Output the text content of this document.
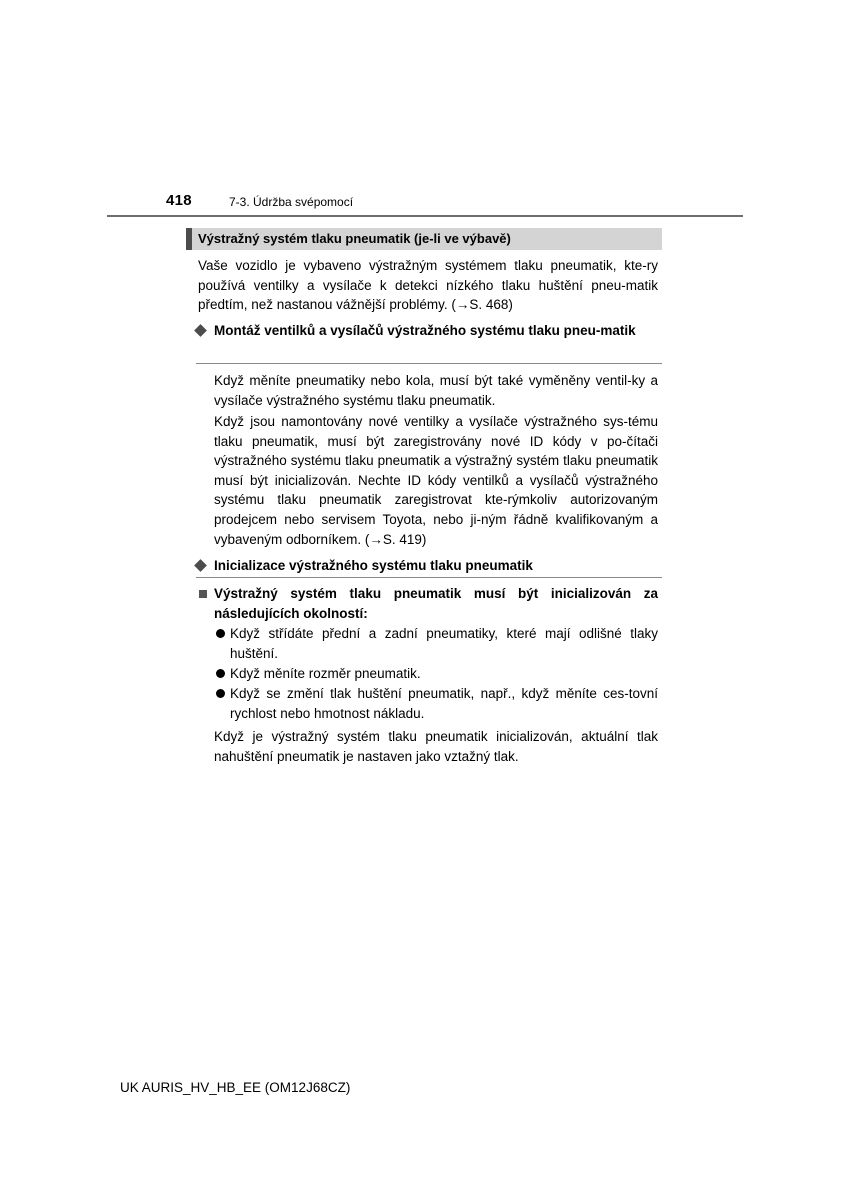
418	7-3. Údržba svépomocí
Výstražný systém tlaku pneumatik (je-li ve výbavě)
Vaše vozidlo je vybaveno výstražným systémem tlaku pneumatik, kte-ry používá ventilky a vysílače k detekci nízkého tlaku huštění pneu-matik předtím, než nastanou vážnější problémy. (→S. 468)
Montáž ventilků a vysílačů výstražného systému tlaku pneu-matik
Když měníte pneumatiky nebo kola, musí být také vyměněny ventil-ky a vysílače výstražného systému tlaku pneumatik.
Když jsou namontovány nové ventilky a vysílače výstražného sys-tému tlaku pneumatik, musí být zaregistrovány nové ID kódy v po-čítači výstražného systému tlaku pneumatik a výstražný systém tlaku pneumatik musí být inicializován. Nechte ID kódy ventilků a vysílačů výstražného systému tlaku pneumatik zaregistrovat kte-rýmkoliv autorizovaným prodejcem nebo servisem Toyota, nebo ji-ným řádně kvalifikovaným a vybaveným odborníkem. (→S. 419)
Inicializace výstražného systému tlaku pneumatik
Výstražný systém tlaku pneumatik musí být inicializován za následujících okolností:
Když střídáte přední a zadní pneumatiky, které mají odlišné tlaky huštění.
Když měníte rozměr pneumatik.
Když se změní tlak huštění pneumatik, např., když měníte ces-tovní rychlost nebo hmotnost nákladu.
Když je výstražný systém tlaku pneumatik inicializován, aktuální tlak nahuštění pneumatik je nastaven jako vztažný tlak.
UK AURIS_HV_HB_EE (OM12J68CZ)
